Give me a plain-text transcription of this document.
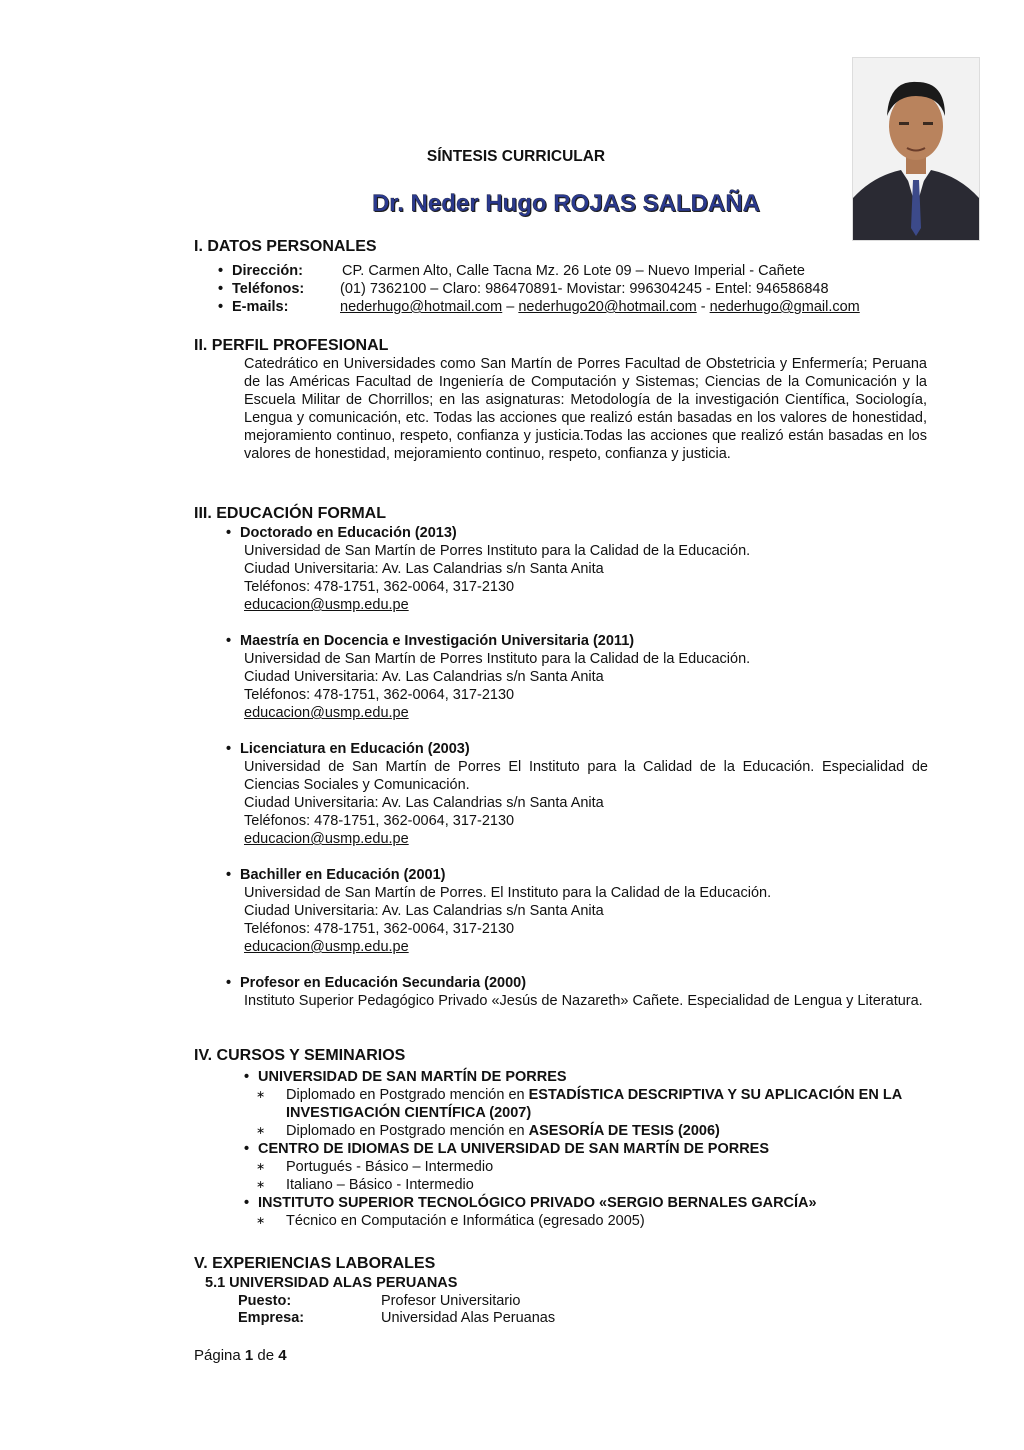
SÍNTESIS CURRICULAR
Dr. Neder Hugo ROJAS SALDAÑA
I. DATOS PERSONALES
• Dirección:	CP. Carmen Alto, Calle Tacna Mz. 26 Lote 09 – Nuevo Imperial - Cañete
• Teléfonos: (01) 7362100 – Claro: 986470891- Movistar: 996304245 - Entel: 946586848
• E-mails:	nederhugo@hotmail.com – nederhugo20@hotmail.com - nederhugo@gmail.com
II. PERFIL PROFESIONAL
Catedrático en Universidades como San Martín de Porres Facultad de Obstetricia y Enfermería; Peruana de las Américas Facultad de Ingeniería de Computación y Sistemas; Ciencias de la Comunicación y la Escuela Militar de Chorrillos; en las asignaturas: Metodología de la investigación Científica, Sociología, Lengua y comunicación, etc. Todas las acciones que realizó están basadas en los valores de honestidad, mejoramiento continuo, respeto, confianza y justicia.Todas las acciones que realizó están basadas en los valores de honestidad, mejoramiento continuo, respeto, confianza y justicia.
III. EDUCACIÓN FORMAL
• Doctorado en Educación (2013)
Universidad de San Martín de Porres Instituto para la Calidad de la Educación.
Ciudad Universitaria: Av. Las Calandrias s/n Santa Anita
Teléfonos: 478-1751, 362-0064, 317-2130
educacion@usmp.edu.pe
• Maestría en Docencia e Investigación Universitaria (2011)
Universidad de San Martín de Porres Instituto para la Calidad de la Educación.
Ciudad Universitaria: Av. Las Calandrias s/n Santa Anita
Teléfonos: 478-1751, 362-0064, 317-2130
educacion@usmp.edu.pe
• Licenciatura en Educación (2003)
Universidad de San Martín de Porres El Instituto para la Calidad de la Educación. Especialidad de Ciencias Sociales y Comunicación.
Ciudad Universitaria: Av. Las Calandrias s/n Santa Anita
Teléfonos: 478-1751, 362-0064, 317-2130
educacion@usmp.edu.pe
• Bachiller en Educación (2001)
Universidad de San Martín de Porres. El Instituto para la Calidad de la Educación.
Ciudad Universitaria: Av. Las Calandrias s/n Santa Anita
Teléfonos: 478-1751, 362-0064, 317-2130
educacion@usmp.edu.pe
• Profesor en Educación Secundaria (2000)
Instituto Superior Pedagógico Privado «Jesús de Nazareth» Cañete. Especialidad de Lengua y Literatura.
IV. CURSOS Y SEMINARIOS
• UNIVERSIDAD DE SAN MARTÍN DE PORRES
∗	Diplomado en Postgrado mención en ESTADÍSTICA DESCRIPTIVA Y SU APLICACIÓN EN LA INVESTIGACIÓN CIENTÍFICA (2007)
∗	Diplomado en Postgrado mención en ASESORÍA DE TESIS (2006)
• CENTRO DE IDIOMAS DE LA UNIVERSIDAD DE SAN MARTÍN DE PORRES
∗	Portugués - Básico – Intermedio
∗	Italiano – Básico - Intermedio
• INSTITUTO SUPERIOR TECNOLÓGICO PRIVADO «SERGIO BERNALES GARCÍA»
∗	Técnico en Computación e Informática (egresado 2005)
V. EXPERIENCIAS LABORALES
5.1 UNIVERSIDAD ALAS PERUANAS
Puesto:	Profesor Universitario
Empresa:	Universidad Alas Peruanas
Página 1 de 4
